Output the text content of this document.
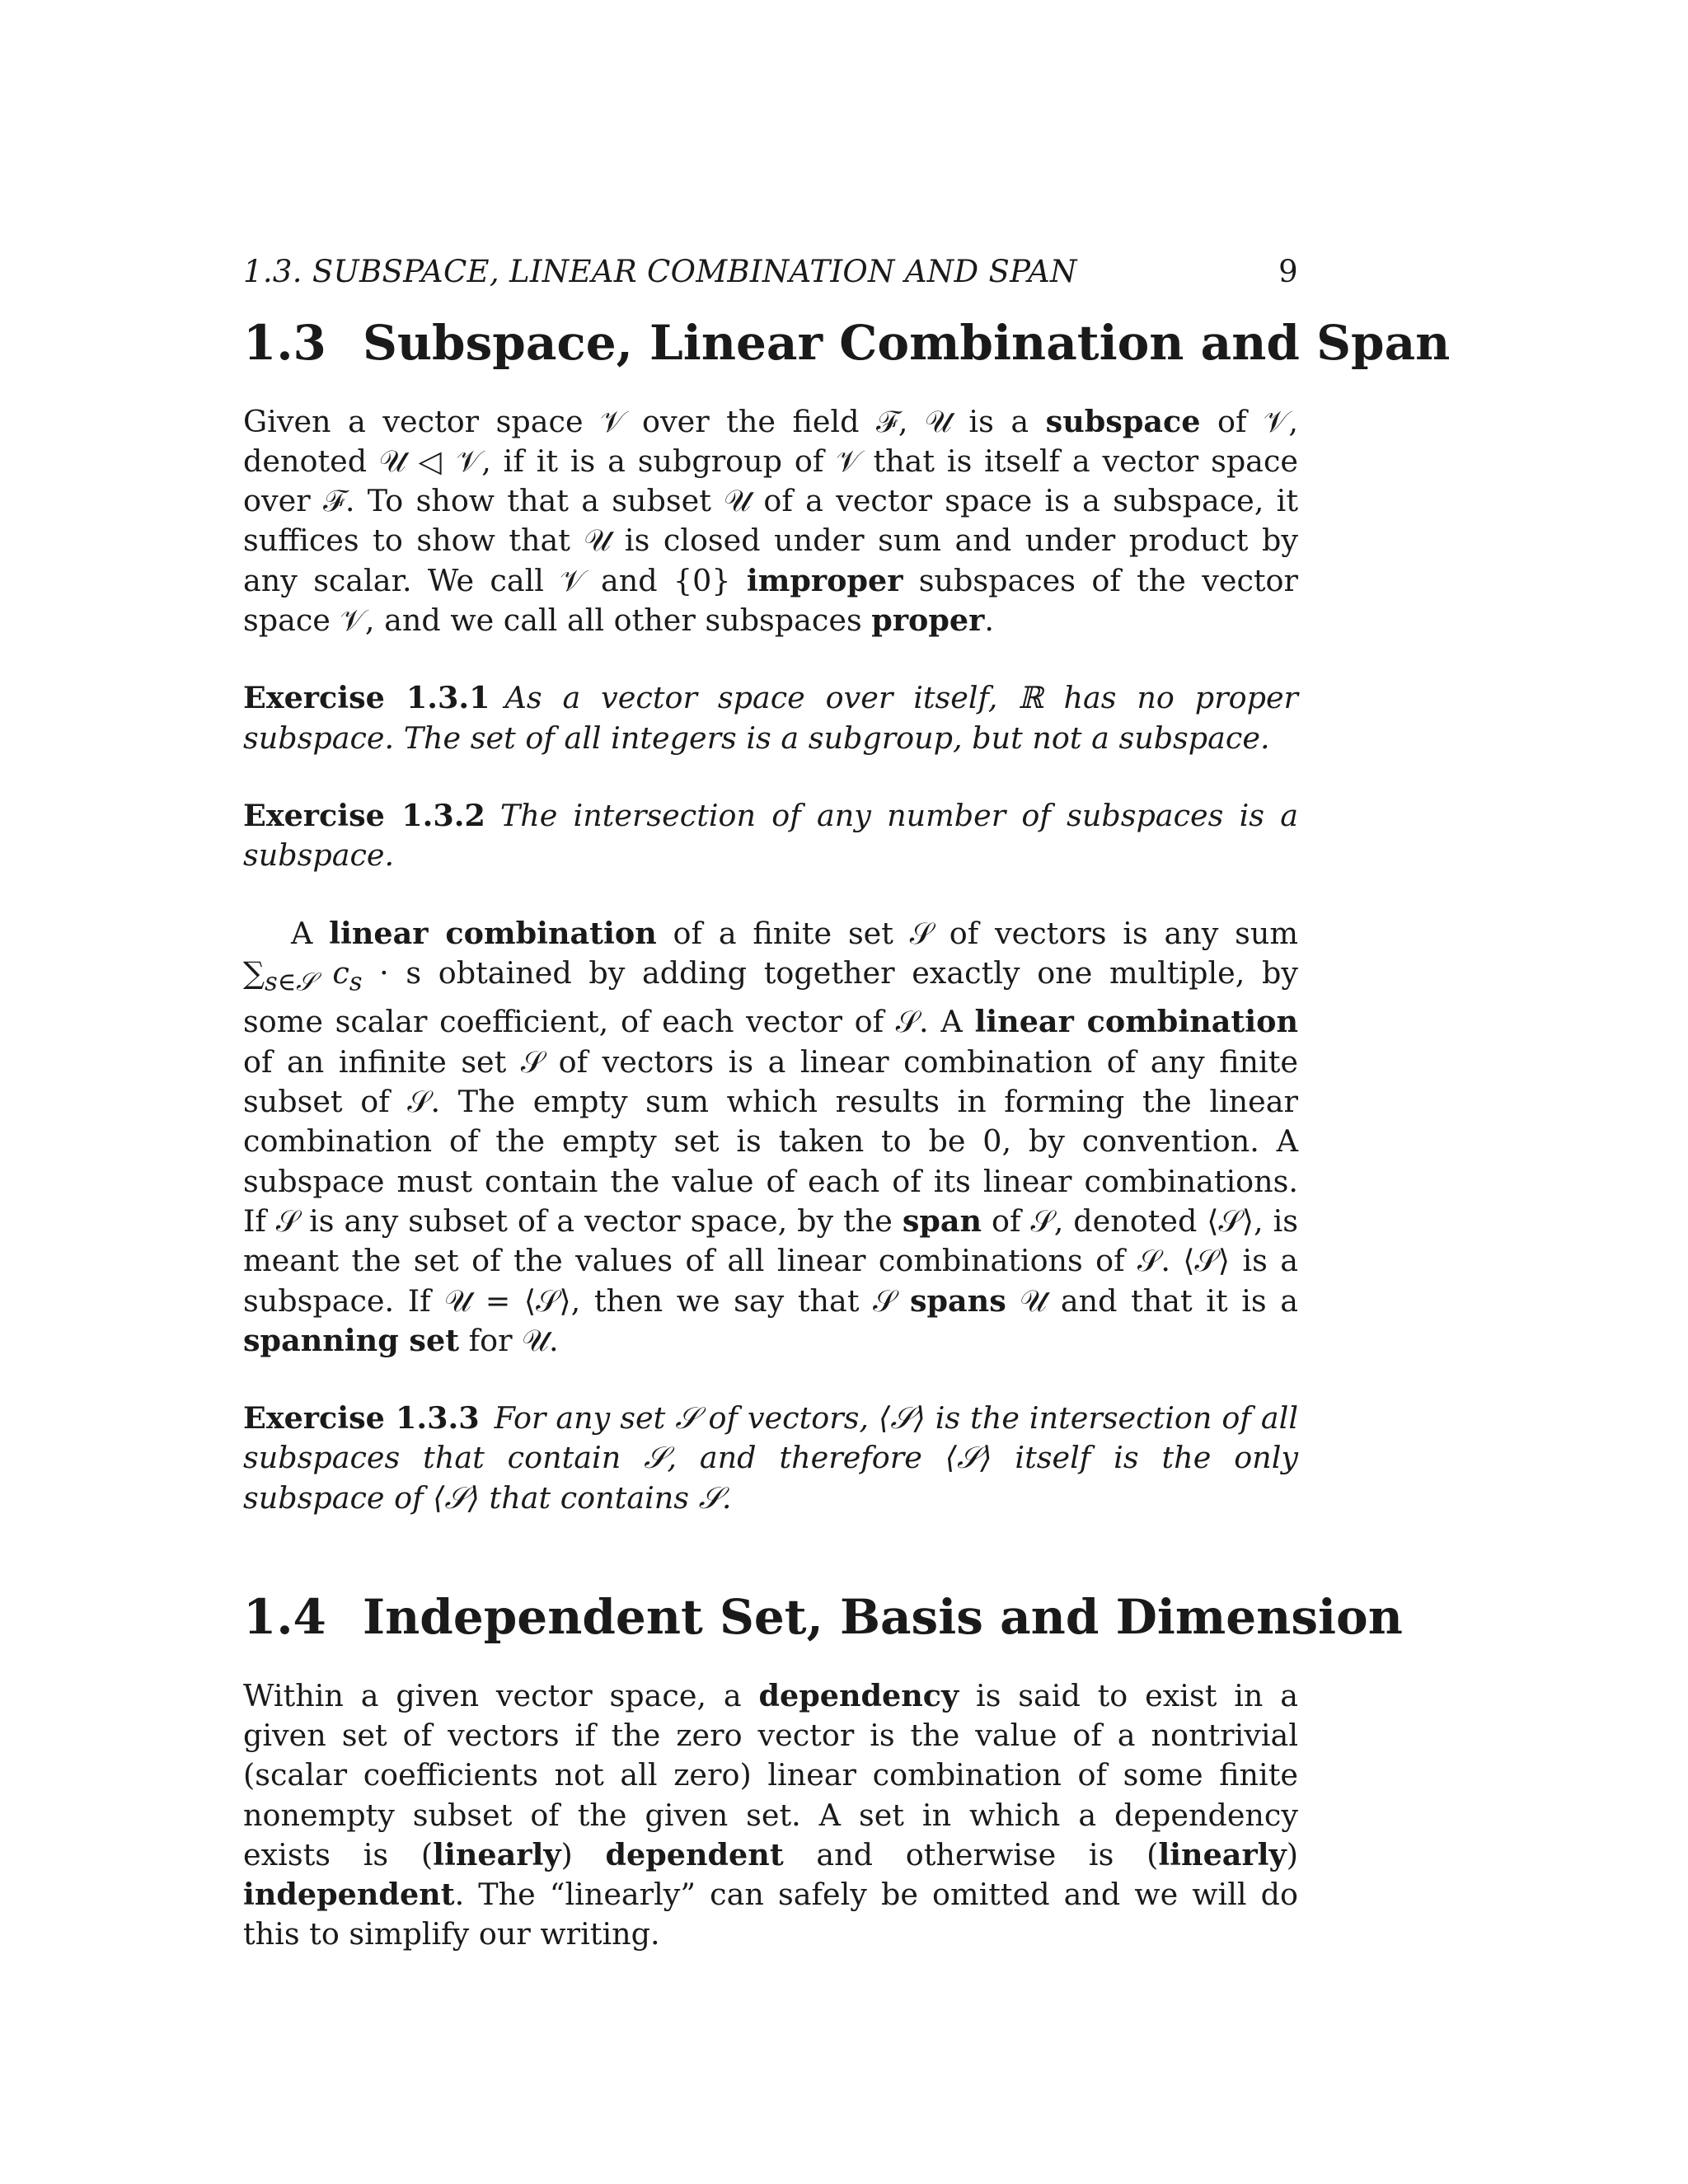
1.3. SUBSPACE, LINEAR COMBINATION AND SPAN	9
1.3 Subspace, Linear Combination and Span

Given a vector space 𝒱 over the field ℱ, 𝒰 is a subspace of 𝒱, denoted 𝒰 ◁ 𝒱, if it is a subgroup of 𝒱 that is itself a vector space over ℱ. To show that a subset 𝒰 of a vector space is a subspace, it suffices to show that 𝒰 is closed under sum and under product by any scalar. We call 𝒱 and {0} improper subspaces of the vector space 𝒱, and we call all other subspaces proper.

Exercise 1.3.1 As a vector space over itself, ℝ has no proper subspace. The set of all integers is a subgroup, but not a subspace.

Exercise 1.3.2 The intersection of any number of subspaces is a subspace.

A linear combination of a finite set 𝒮 of vectors is any sum $\sum_{s\in 𝒮}$ $c_s \cdot s$ obtained by adding together exactly one multiple, by some scalar coefficient, of each vector of 𝒮. A linear combination of an infinite set 𝒮 of vectors is a linear combination of any finite subset of 𝒮. The empty sum which results in forming the linear combination of the empty set is taken to be 0, by convention. A subspace must contain the value of each of its linear combinations. If 𝒮 is any subset of a vector space, by the span of 𝒮, denoted ⟨𝒮⟩, is meant the set of the values of all linear combinations of 𝒮. ⟨𝒮⟩ is a subspace. If 𝒰 = ⟨𝒮⟩, then we say that 𝒮 spans 𝒰 and that it is a spanning set for 𝒰.

Exercise 1.3.3 For any set 𝒮 of vectors, ⟨𝒮⟩ is the intersection of all subspaces that contain 𝒮, and therefore ⟨𝒮⟩ itself is the only subspace of ⟨𝒮⟩ that contains 𝒮.

1.4 Independent Set, Basis and Dimension

Within a given vector space, a dependency is said to exist in a given set of vectors if the zero vector is the value of a nontrivial (scalar coefficients not all zero) linear combination of some finite nonempty subset of the given set. A set in which a dependency exists is (linearly) dependent and otherwise is (linearly) independent. The “linearly” can safely be omitted and we will do this to simplify our writing.
